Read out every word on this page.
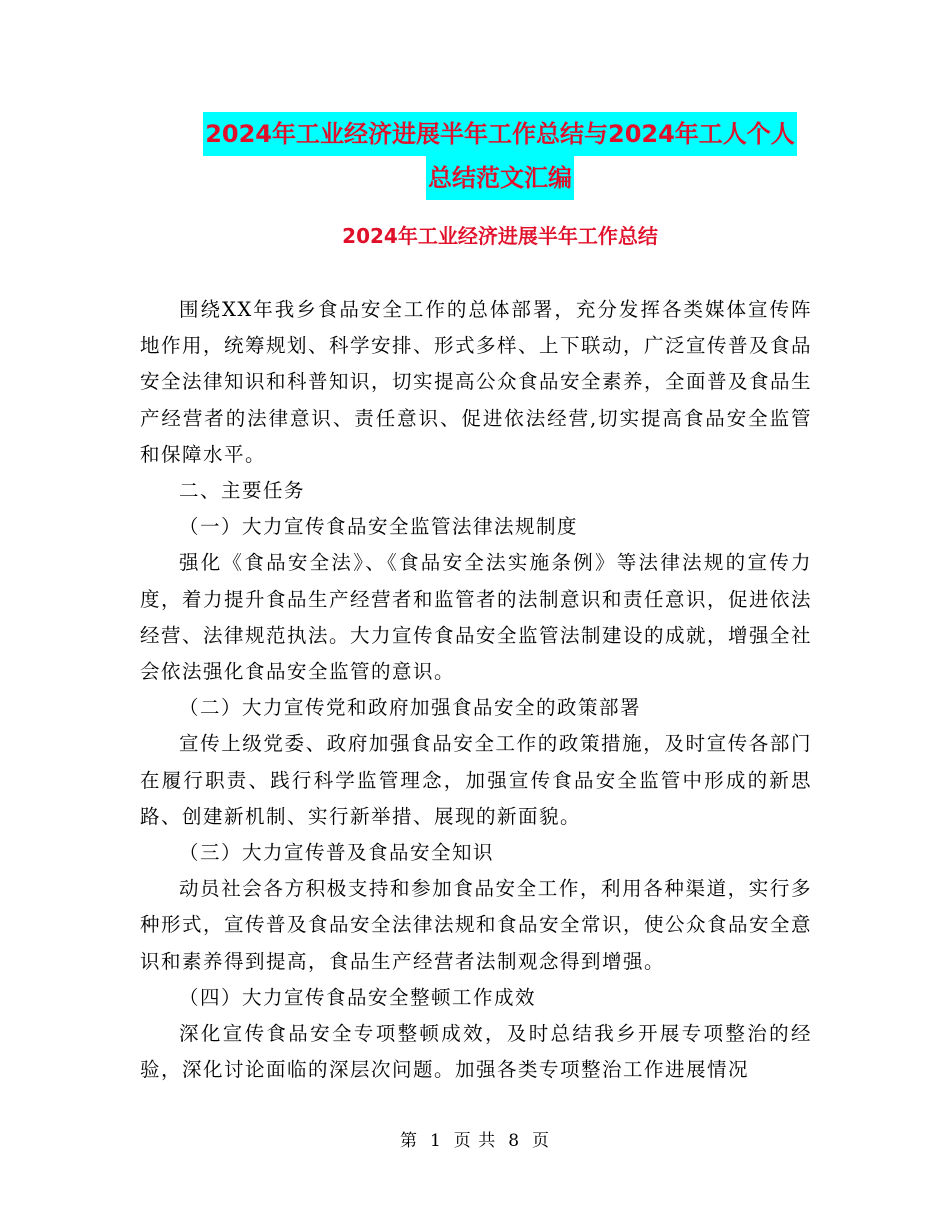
2024年工业经济进展半年工作总结与2024年工人个人
总结范文汇编
2024年工业经济进展半年工作总结

围绕XX年我乡食品安全工作的总体部署，充分发挥各类媒体宣传阵地作用，统筹规划、科学安排、形式多样、上下联动，广泛宣传普及食品安全法律知识和科普知识，切实提高公众食品安全素养，全面普及食品生产经营者的法律意识、责任意识、促进依法经营,切实提高食品安全监管和保障水平。

二、主要任务

（一）大力宣传食品安全监管法律法规制度

强化《食品安全法》、《食品安全法实施条例》等法律法规的宣传力度，着力提升食品生产经营者和监管者的法制意识和责任意识，促进依法经营、法律规范执法。大力宣传食品安全监管法制建设的成就，增强全社会依法强化食品安全监管的意识。

（二）大力宣传党和政府加强食品安全的政策部署

宣传上级党委、政府加强食品安全工作的政策措施，及时宣传各部门在履行职责、践行科学监管理念，加强宣传食品安全监管中形成的新思路、创建新机制、实行新举措、展现的新面貌。

（三）大力宣传普及食品安全知识

动员社会各方积极支持和参加食品安全工作，利用各种渠道，实行多种形式，宣传普及食品安全法律法规和食品安全常识，使公众食品安全意识和素养得到提高，食品生产经营者法制观念得到增强。

（四）大力宣传食品安全整顿工作成效

深化宣传食品安全专项整顿成效，及时总结我乡开展专项整治的经验，深化讨论面临的深层次问题。加强各类专项整治工作进展情况

第 1 页 共 8 页
